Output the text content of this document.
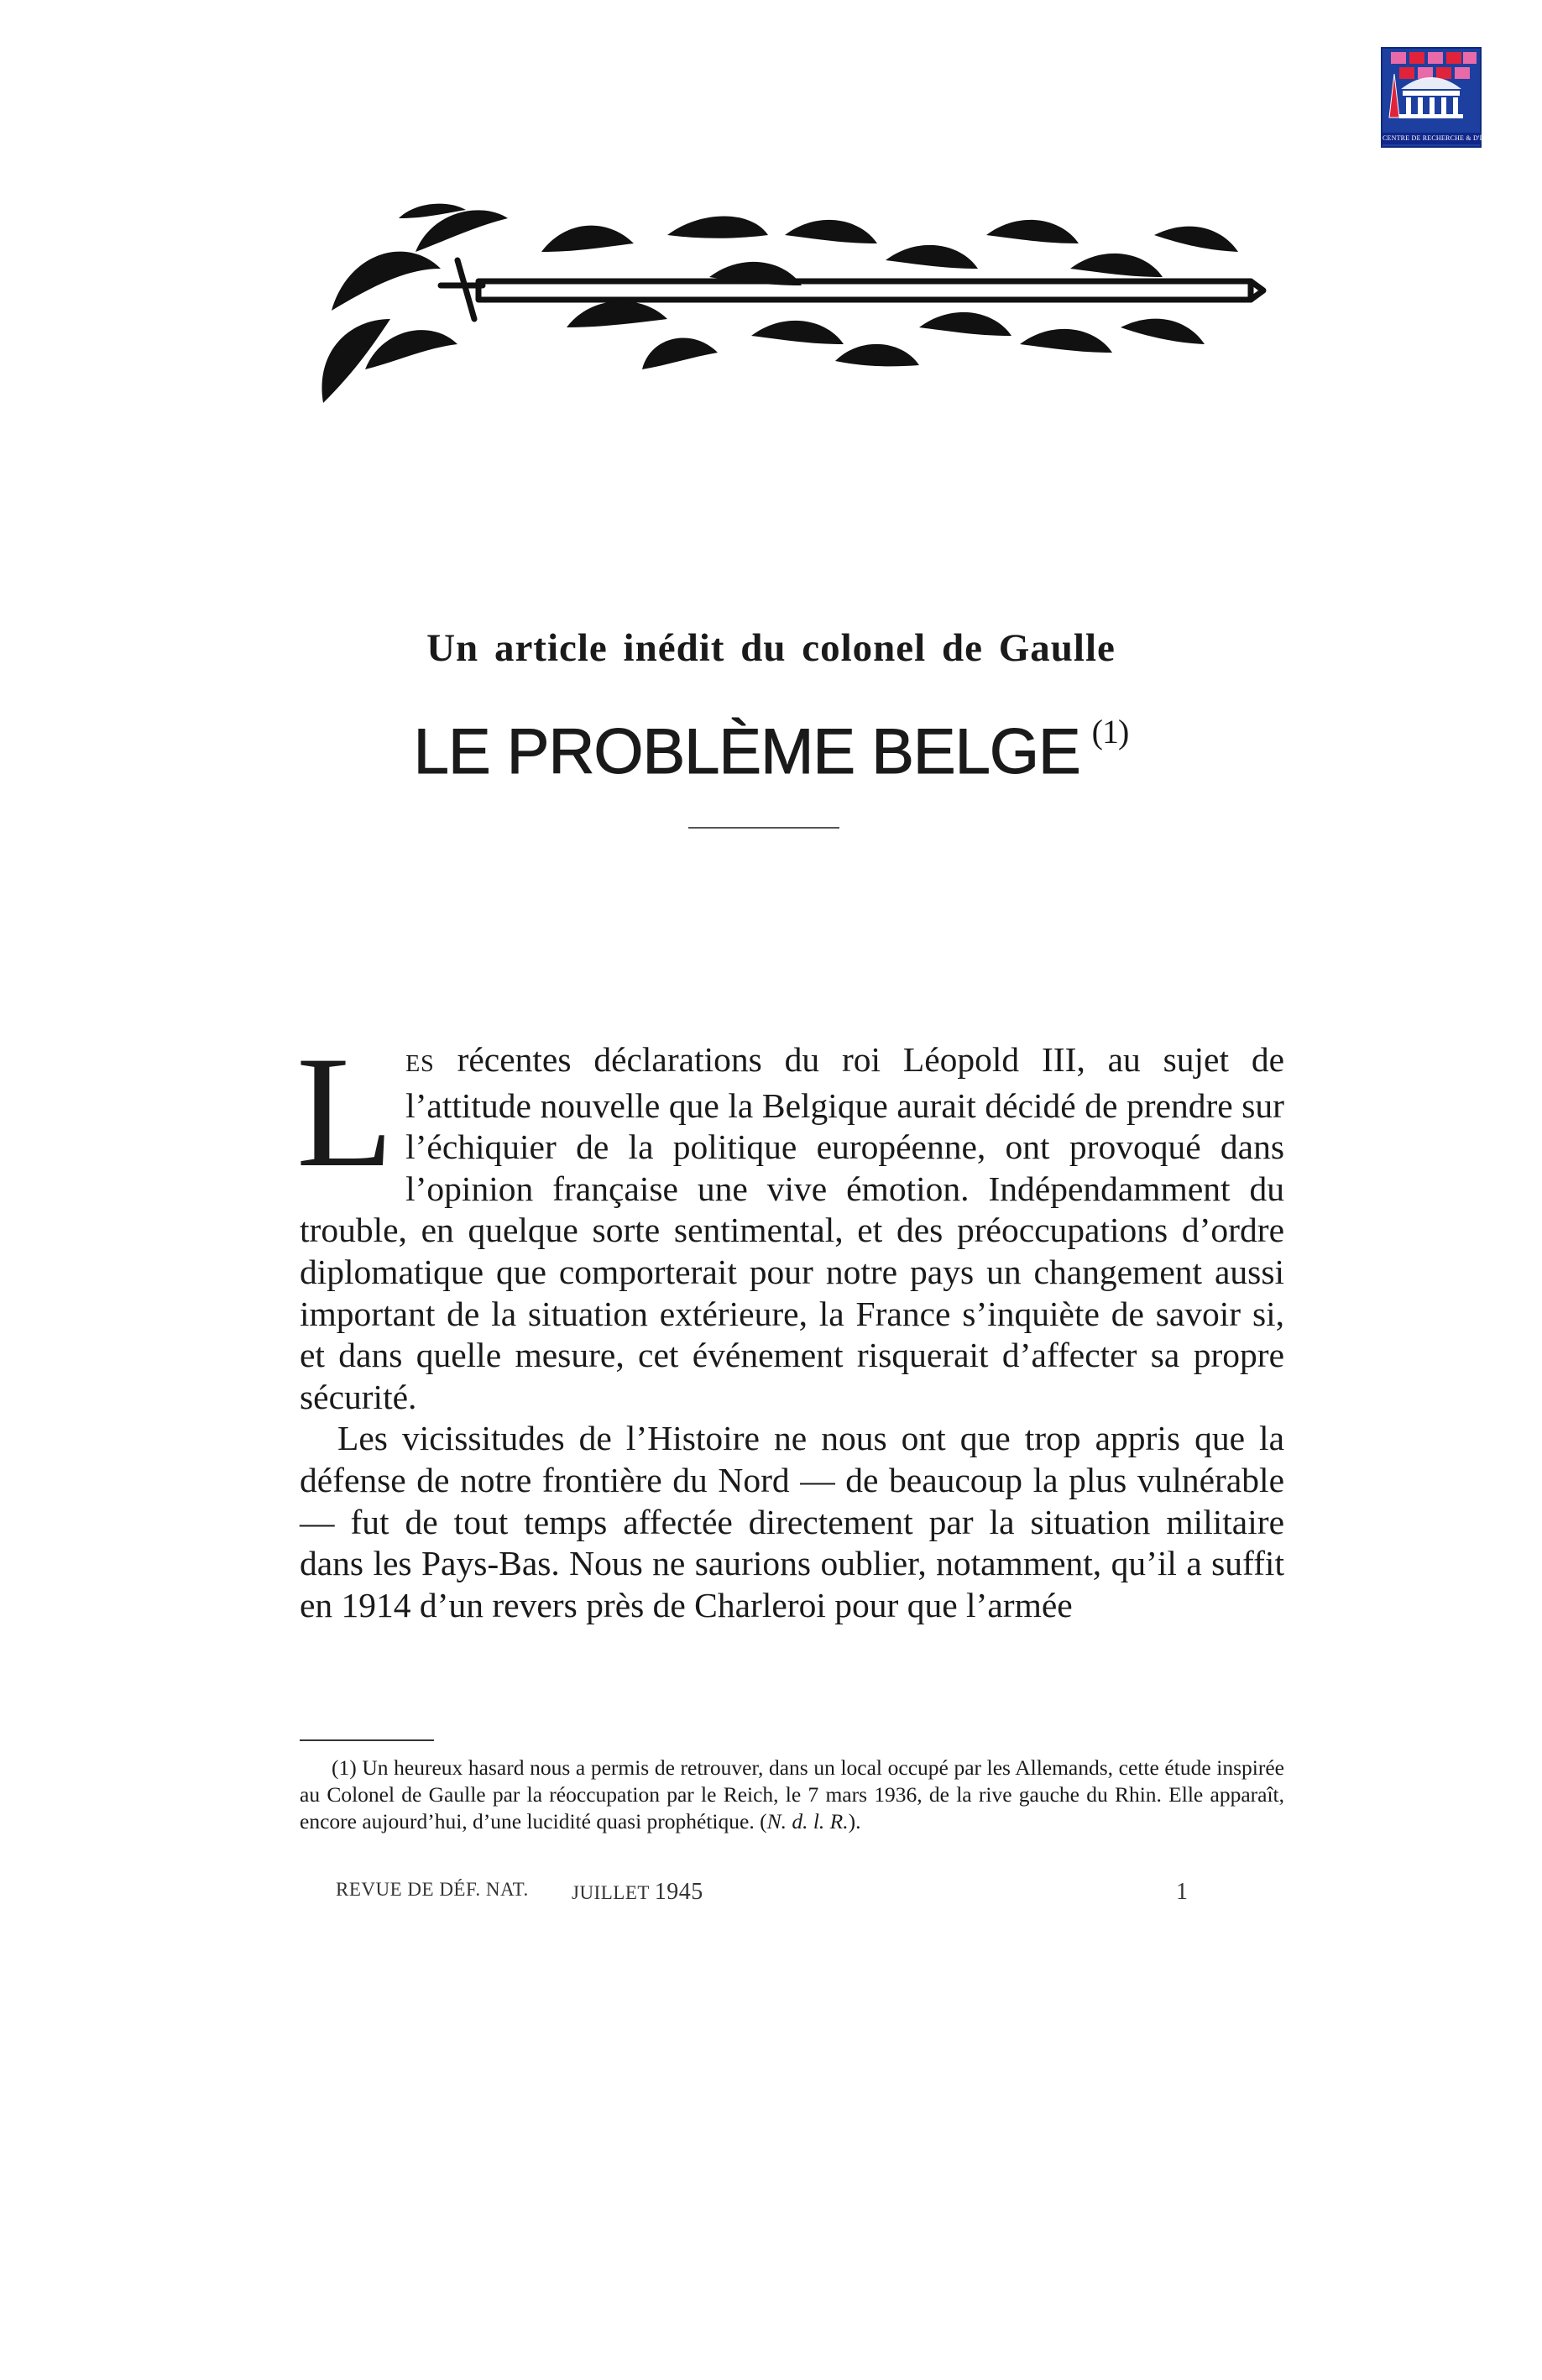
CENTRE DE RECHERCHE & D'ÉTUDES
Un article inédit du colonel de Gaulle
LE PROBLÈME BELGE $^{(1)}$

LES récentes déclarations du roi Léopold III, au sujet de l’attitude nouvelle que la Belgique aurait décidé de prendre sur l’échiquier de la politique européenne, ont provoqué dans l’opinion française une vive émotion. Indépendamment du trouble, en quelque sorte sentimental, et des préoccupations d’ordre diplomatique que comporterait pour notre pays un changement aussi important de la situation extérieure, la France s’inquiète de savoir si, et dans quelle mesure, cet événement risquerait d’affecter sa propre sécurité.

Les vicissitudes de l’Histoire ne nous ont que trop appris que la défense de notre frontière du Nord — de beaucoup la plus vulnérable — fut de tout temps affectée directement par la situation militaire dans les Pays-Bas. Nous ne saurions oublier, notamment, qu’il a suffit en 1914 d’un revers près de Charleroi pour que l’armée

(1) Un heureux hasard nous a permis de retrouver, dans un local occupé par les Allemands, cette étude inspirée au Colonel de Gaulle par la réoccupation par le Reich, le 7 mars 1936, de la rive gauche du Rhin. Elle apparaît, encore aujourd’hui, d’une lucidité quasi prophétique. (N. d. l. R.).
REVUE DE DÉF. NAT. JUILLET 1945	1
